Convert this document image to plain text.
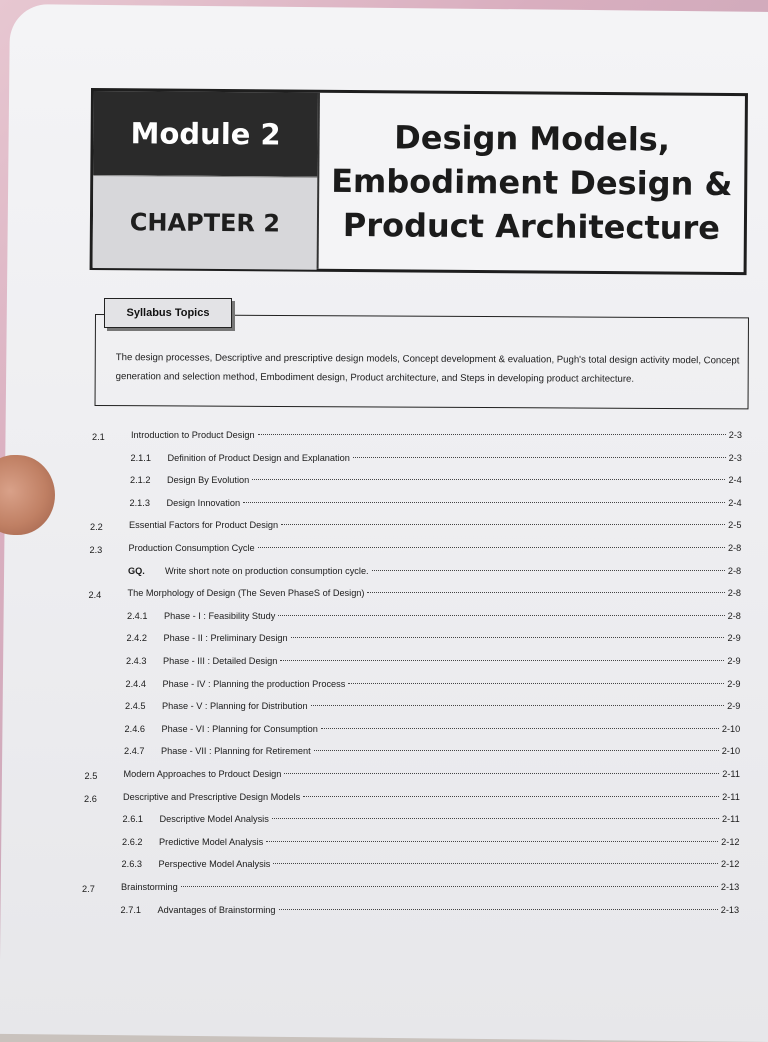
Module 2
CHAPTER 2
Design Models,
Embodiment Design &
Product Architecture
Syllabus Topics
The design processes, Descriptive and prescriptive design models, Concept development & evaluation, Pugh's total design activity model, Concept generation and selection method, Embodiment design, Product architecture, and Steps in developing product architecture.
2.1	Introduction to Product Design	2-3
2.1.1 Definition of Product Design and Explanation	2-3
2.1.2 Design By Evolution	2-4
2.1.3 Design Innovation	2-4
2.2	Essential Factors for Product Design	2-5
2.3	Production Consumption Cycle	2-8
GQ. Write short note on production consumption cycle.	2-8
2.4	The Morphology of Design (The Seven PhaseS of Design)	2-8
2.4.1 Phase - I : Feasibility Study	2-8
2.4.2 Phase - II : Preliminary Design	2-9
2.4.3 Phase - III : Detailed Design	2-9
2.4.4 Phase - IV : Planning the production Process	2-9
2.4.5 Phase - V : Planning for Distribution	2-9
2.4.6 Phase - VI : Planning for Consumption	2-10
2.4.7 Phase - VII : Planning for Retirement	2-10
2.5	Modern Approaches to Prdouct Design	2-11
2.6	Descriptive and Prescriptive Design Models	2-11
2.6.1 Descriptive Model Analysis	2-11
2.6.2 Predictive Model Analysis	2-12
2.6.3 Perspective Model Analysis	2-12
2.7	Brainstorming	2-13
2.7.1 Advantages of Brainstorming	2-13
